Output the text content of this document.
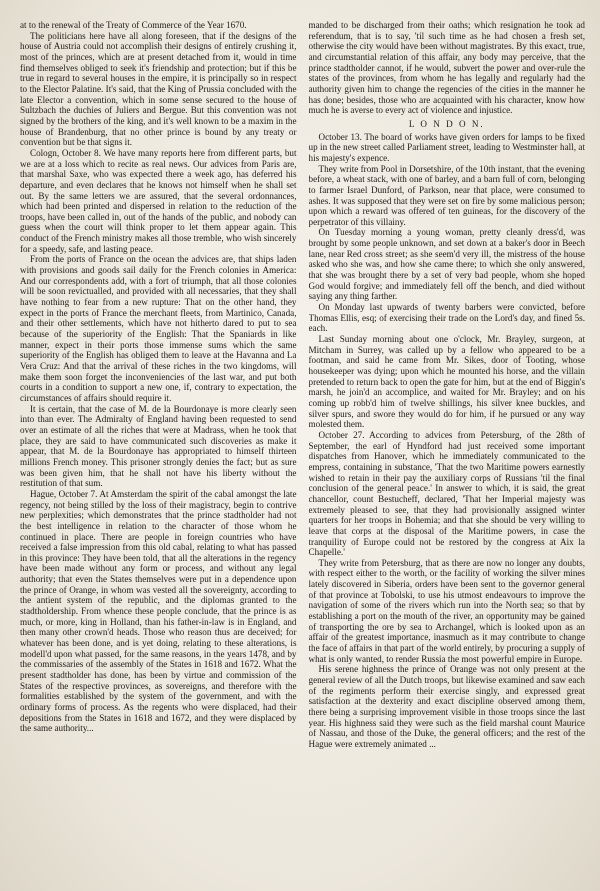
at to the renewal of the Treaty of Commerce of the Year 1670.

The politicians here have all along foreseen, that if the designs of the house of Austria could not accomplish their designs of entirely crushing it, most of the princes, which are at present detached from it, would in time find themselves obliged to seek it's friendship and protection; but if this be true in regard to several houses in the empire, it is principally so in respect to the Elector Palatine. It's said, that the King of Prussia concluded with the late Elector a convention, which in some sense secured to the house of Sultzbach the duchies of Juliers and Bergue. But this convention was not signed by the brothers of the king, and it's well known to be a maxim in the house of Brandenburg, that no other prince is bound by any treaty or convention but be that signs it.

Cologn, October 8. We have many reports here from different parts, but we are at a loss which to recite as real news. Our advices from Paris are, that marshal Saxe, who was expected there a week ago, has deferred his departure, and even declares that he knows not himself when he shall set out. By the same letters we are assured, that the several ordonnances, which had been printed and dispersed in relation to the reduction of the troops, have been called in, out of the hands of the public, and nobody can guess when the court will think proper to let them appear again. This conduct of the French ministry makes all those tremble, who wish sincerely for a speedy, safe, and lasting peace.

From the ports of France on the ocean the advices are, that ships laden with provisions and goods sail daily for the French colonies in America: And our correspondents add, with a fort of triumph, that all those colonies will be soon revictualled, and provided with all necessaries, that they shall have nothing to fear from a new rupture: That on the other hand, they expect in the ports of France the merchant fleets, from Martinico, Canada, and their other settlements, which have not hitherto dared to put to sea because of the superiority of the English: That the Spaniards in like manner, expect in their ports those immense sums which the same superiority of the English has obliged them to leave at the Havanna and La Vera Cruz: And that the arrival of these riches in the two kingdoms, will make them soon forget the inconveniencies of the last war, and put both courts in a condition to support a new one, if, contrary to expectation, the circumstances of affairs should require it.

It is certain, that the case of M. de la Bourdonaye is more clearly seen into than ever. The Admiralty of England having been requested to send over an estimate of all the riches that were at Madrass, when he took that place, they are said to have communicated such discoveries as make it appear, that M. de la Bourdonaye has appropriated to himself thirteen millions French money. This prisoner strongly denies the fact; but as sure was been given him, that he shall not have his liberty without the restitution of that sum.

Hague, October 7. At Amsterdam the spirit of the cabal amongst the late regency, not being stilled by the loss of their magistracy, begin to contrive new perplexities; which demonstrates that the prince stadtholder had not the best intelligence in relation to the character of those whom he continued in place. There are people in foreign countries who have received a false impression from this old cabal, relating to what has passed in this province: They have been told, that all the alterations in the regency have been made without any form or process, and without any legal authority; that even the States themselves were put in a dependence upon the prince of Orange, in whom was vested all the sovereignty, according to the antient system of the republic, and the diplomas granted to the stadtholdership. From whence these people conclude, that the prince is as much, or more, king in Holland, than his father-in-law is in England, and then many other crown'd heads. Those who reason thus are deceived; for whatever has been done, and is yet doing, relating to these alterations, is modell'd upon what passed, for the same reasons, in the years 1478, and by the commissaries of the assembly of the States in 1618 and 1672. What the present stadtholder has done, has been by virtue and commission of the States of the respective provinces, as sovereigns, and therefore with the formalities established by the system of the government, and with the ordinary forms of process. As the regents who were displaced, had their depositions from the States in 1618 and 1672, and they were displaced by the same authority...

manded to be discharged from their oaths; which resignation he took ad referendum, that is to say, 'til such time as he had chosen a fresh set, otherwise the city would have been without magistrates. By this exact, true, and circumstantial relation of this affair, any body may perceive, that the prince stadtholder cannot, if he would, subvert the power and over-rule the states of the provinces, from whom he has legally and regularly had the authority given him to change the regencies of the cities in the manner he has done; besides, those who are acquainted with his character, know how much he is averse to every act of violence and injustice.

L O N D O N.

October 13. The board of works have given orders for lamps to be fixed up in the new street called Parliament street, leading to Westminster hall, at his majesty's expence.

They write from Pool in Dorsetshire, of the 10th instant, that the evening before, a wheat stack, with one of barley, and a barn full of corn, belonging to farmer Israel Dunford, of Parkson, near that place, were consumed to ashes. It was supposed that they were set on fire by some malicious person; upon which a reward was offered of ten guineas, for the discovery of the perpetrator of this villainy.

On Tuesday morning a young woman, pretty cleanly dress'd, was brought by some people unknown, and set down at a baker's door in Beech lane, near Red cross street; as she seem'd very ill, the mistress of the house asked who she was, and how she came there; to which she only answered, that she was brought there by a set of very bad people, whom she hoped God would forgive; and immediately fell off the bench, and died without saying any thing farther.

On Monday last upwards of twenty barbers were convicted, before Thomas Ellis, esq; of exercising their trade on the Lord's day, and fined 5s. each.

Last Sunday morning about one o'clock, Mr. Brayley, surgeon, at Mitcham in Surrey, was called up by a fellow who appeared to be a footman, and said he came from Mr. Sikes, door of Tooting, whose housekeeper was dying; upon which he mounted his horse, and the villain pretended to return back to open the gate for him, but at the end of Biggin's marsh, he join'd an accomplice, and waited for Mr. Brayley; and on his coming up robb'd him of twelve shillings, his silver knee buckles, and silver spurs, and swore they would do for him, if he pursued or any way molested them.

October 27. According to advices from Petersburg, of the 28th of September, the earl of Hyndford had just received some important dispatches from Hanover, which he immediately communicated to the empress, containing in substance, 'That the two Maritime powers earnestly wished to retain in their pay the auxiliary corps of Russians 'til the final conclusion of the general peace.' In answer to which, it is said, the great chancellor, count Bestucheff, declared, 'That her Imperial majesty was extremely pleased to see, that they had provisionally assigned winter quarters for her troops in Bohemia; and that she should be very willing to leave that corps at the disposal of the Maritime powers, in case the tranquility of Europe could not be restored by the congress at Aix la Chapelle.'

They write from Petersburg, that as there are now no longer any doubts, with respect either to the worth, or the facility of working the silver mines lately discovered in Siberia, orders have been sent to the governor general of that province at Tobolski, to use his utmost endeavours to improve the navigation of some of the rivers which run into the North sea; so that by establishing a port on the mouth of the river, an opportunity may be gained of transporting the ore by sea to Archangel, which is looked upon as an affair of the greatest importance, inasmuch as it may contribute to change the face of affairs in that part of the world entirely, by procuring a supply of what is only wanted, to render Russia the most powerful empire in Europe.

His serene highness the prince of Orange was not only present at the general review of all the Dutch troops, but likewise examined and saw each of the regiments perform their exercise singly, and expressed great satisfaction at the dexterity and exact discipline observed among them, there being a surprising improvement visible in those troops since the last year. His highness said they were such as the field marshal count Maurice of Nassau, and those of the Duke, the general officers; and the rest of the Hague were extremely animated ...
